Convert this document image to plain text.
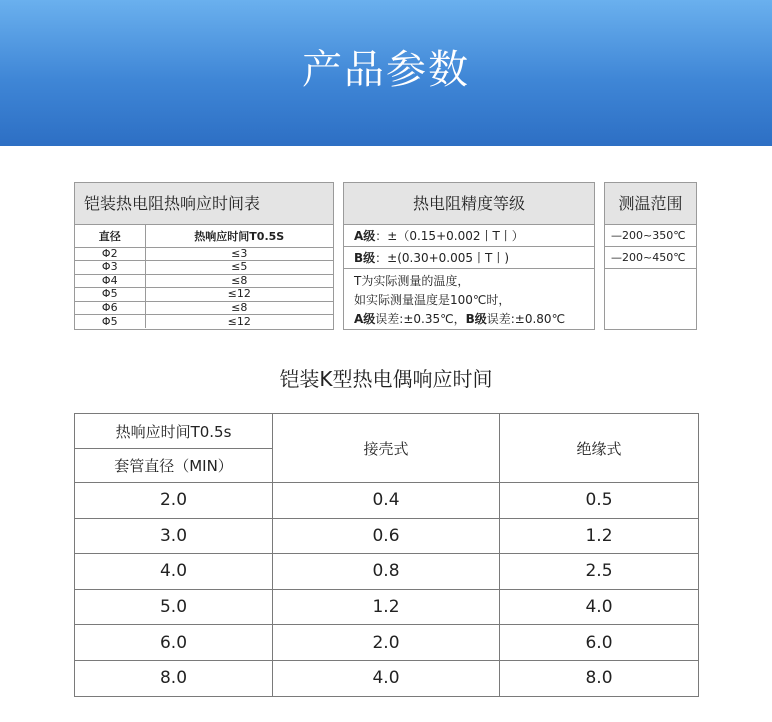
产品参数
铠装热电阻热响应时间表
直径	热响应时间T0.5S
Φ2	≤3
Φ3	≤5
Φ4	≤8
Φ5	≤12
Φ6	≤8
Φ5	≤12
热电阻精度等级
A级：±（0.15+0.002丨T丨）
B级：±(0.30+0.005丨T丨)
T为实际测量的温度，
如实际测量温度是100℃时，
A级误差:±0.35℃，B级误差:±0.80℃
测温范围
—200~350℃
—200~450℃
铠装K型热电偶响应时间
热响应时间T0.5s	接壳式	绝缘式
套管直径（MIN）		
2.0	0.4	0.5
3.0	0.6	1.2
4.0	0.8	2.5
5.0	1.2	4.0
6.0	2.0	6.0
8.0	4.0	8.0
